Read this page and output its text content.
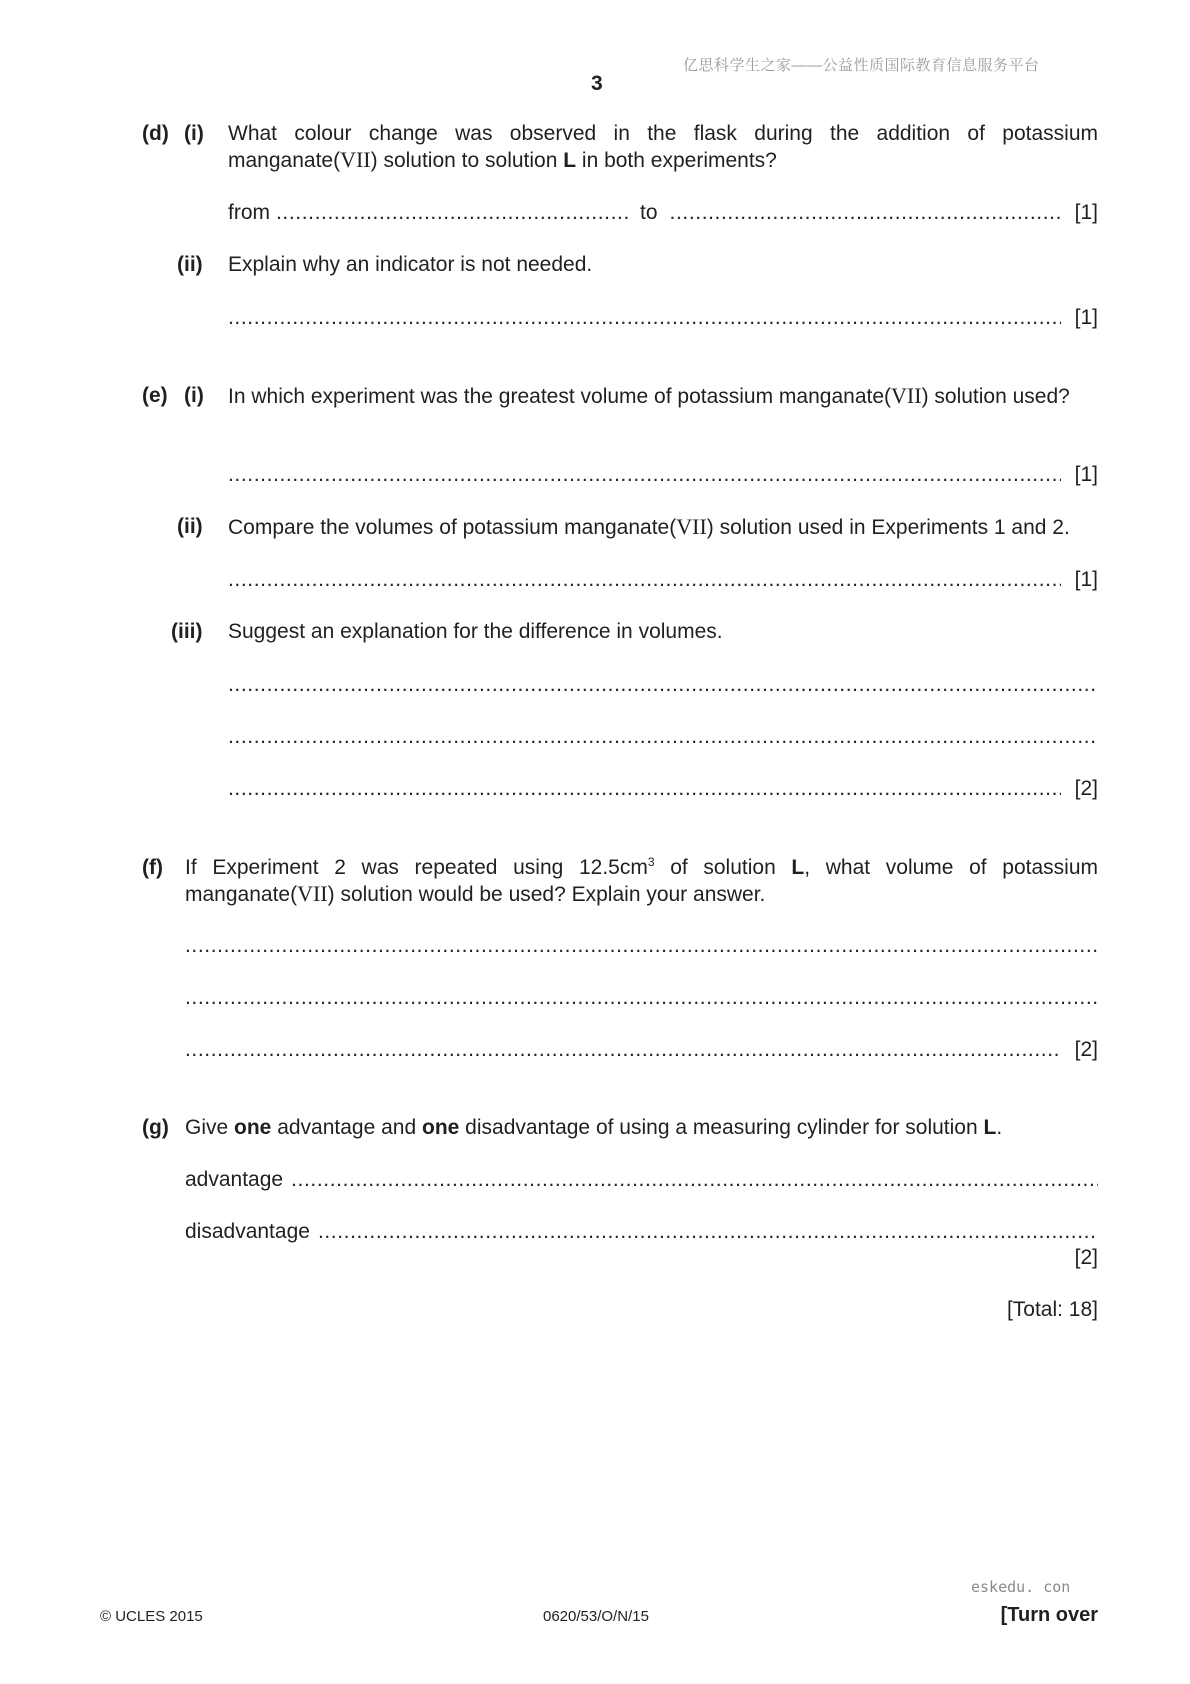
亿思科学生之家——公益性质国际教育信息服务平台
3
(d) (i) What colour change was observed in the flask during the addition of potassium manganate(VII) solution to solution L in both experiments?
from .....	to .....	[1]
(ii) Explain why an indicator is not needed.
.....
[1]
(e) (i) In which experiment was the greatest volume of potassium manganate(VII) solution used?
.....
[1]
(ii) Compare the volumes of potassium manganate(VII) solution used in Experiments 1 and 2.
.....
[1]
(iii) Suggest an explanation for the difference in volumes.
.....
.....
.....
[2]
(f) If Experiment 2 was repeated using $12.5cm^3$ of solution L, what volume of potassium manganate(VII) solution would be used? Explain your answer.
.....
.....
.....
[2]
(g) Give one advantage and one disadvantage of using a measuring cylinder for solution L.
advantage
.....
disadvantage
.....
[2]
[Total: 18]
eskedu. con
© UCLES 2015	0620/53/O/N/15	[Turn over
